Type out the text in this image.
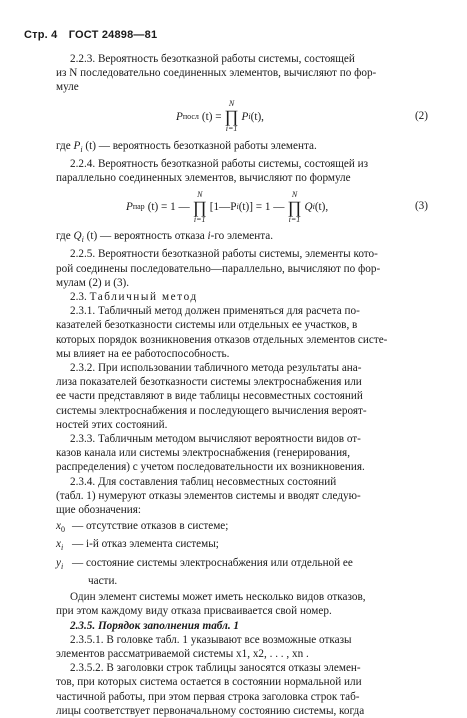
Стр. 4 ГОСТ 24898—81

2.2.3. Вероятность безотказной работы системы, состоящей
из N последовательно соединенных элементов, вычисляют по фор-
муле

P посл (t) =
N
∏
i=1
P i (t),	(2)

где $P_i$ (t) — вероятность безотказной работы элемента.

2.2.4. Вероятность безотказной работы системы, состоящей из
параллельно соединенных элементов, вычисляют по формуле

P пар (t) = 1 —
N
∏
i=1
[1—P i (t)] = 1 —
N
∏
i=1
Q i (t),	(3)

где $Q_i$ (t) — вероятность отказа i-го элемента.

2.2.5. Вероятности безотказной работы системы, элементы кото-
рой соединены последовательно—параллельно, вычисляют по фор-
мулам (2) и (3).

2.3. Табличный метод

2.3.1. Табличный метод должен применяться для расчета по-
казателей безотказности системы или отдельных ее участков, в
которых порядок возникновения отказов отдельных элементов систе-
мы влияет на ее работоспособность.

2.3.2. При использовании табличного метода результаты ана-
лиза показателей безотказности системы электроснабжения или
ее части представляют в виде таблицы несовместных состояний
системы электроснабжения и последующего вычисления вероят-
ностей этих состояний.

2.3.3. Табличным методом вычисляют вероятности видов от-
казов канала или системы электроснабжения (генерирования,
распределения) с учетом последовательности их возникновения.

2.3.4. Для составления таблиц несовместных состояний
(табл. 1) нумеруют отказы элементов системы и вводят следую-
щие обозначения:

$x_0$ — отсутствие отказов в системе;
$x_i$ — i-й отказ элемента системы;
$y_i$ — состояние системы электроснабжения или отдельной ее
части.

Один элемент системы может иметь несколько видов отказов,
при этом каждому виду отказа присваивается свой номер.

2.3.5. Порядок заполнения табл. 1

2.3.5.1. В головке табл. 1 указывают все возможные отказы
элементов рассматриваемой системы x1, x2, . . . , xn .

2.3.5.2. В заголовки строк таблицы заносятся отказы элемен-
тов, при которых система остается в состоянии нормальной или
частичной работы, при этом первая строка заголовка строк таб-
лицы соответствует первоначальному состоянию системы, когда
